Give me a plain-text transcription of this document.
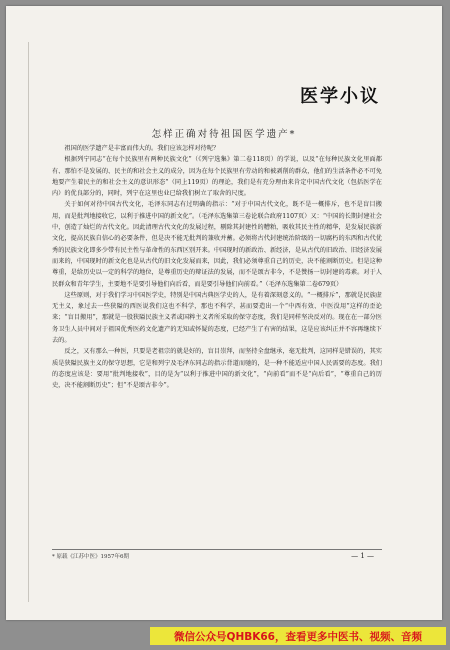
医学小议
怎样正确对待祖国医学遗产*

祖国的医学遗产是丰富而伟大的。我们应该怎样对待呢？

根据列宁同志“在每个民族里有两种民族文化”（《列宁选集》第二卷118页）的学说，以及“在每种民族文化里面都有、那怕不是发展的、民主的和社会主义的成分，因为在每个民族里有劳动的和被剥削的群众，他们的生活条件必不可免地要产生着民主的和社会主义的意识形态”（同上119页）的理论，我们是有充分理由来肯定中国古代文化（包括医学在内）的优良部分的，同时，列宁在这里也业已给我们树立了取舍的尺度。

关于如何对待中国古代文化，毛泽东同志有过明确的指示：“对于中国古代文化，既不是一概排斥，也不是盲目搬用，而是批判地接收它，以利于推进中国的新文化”。（毛泽东选集第三卷论联合政府1107页）又：“中国的长期封建社会中，创造了灿烂的古代文化。因此清理古代文化的发展过程，剔除其封建性的糟粕，吸收其民主性的精华，是发展民族新文化，提高民族自信心的必要条件，但是决不能无批判的兼收并蓄。必须将古代封建统治阶级的一切腐朽的东西和古代优秀的民族文化即多少带有民主性与革命性的东西区别开来。中国现时的新政治、新经济，是从古代的旧政治、旧经济发展而来的，中国现时的新文化也是从古代的旧文化发展而来，因此，我们必须尊重自己的历史，决不能割断历史。但是这种尊重，是给历史以一定的科学的地位，是尊重历史的辩证法的发展，而不是颂古非今，不是赞扬一切封建的毒素。对于人民群众和青年学生，主要地不是要引导他们向后看，而是要引导他们向前看。”（毛泽东选集第二卷679页）

这些原则，对于我们学习中国医学史，特别是中国古典医学史的人，是有着深刻意义的。“一概排斥”，那就是民族虚无主义，象过去一些狭隘的西医说我们这也不科学，那也不科学，甚而要造出一个“中西有效、中医没用”这样的歪论来；“盲目搬用”，那就是一股狭隘民族主义者或国粹主义者所采取的保守态度，我们是同样坚决反对的。现在在一部分医务卫生人员中间对于祖国优秀医药文化遗产的无知或怀疑的态度，已经产生了有害的结果，这是应该纠正并不容再继续下去的。

反之，又有那么一种医，只要是老祖宗的就是好的，盲目崇拜，而坚持全盘继承，毫无批判，这同样是错误的，其实质是狭隘民族主义的保守思想，它是和列宁及毛泽东同志的指示背道而驰的，是一种不能适应中国人民需要的态度。我们的态度应该是：要用“批判地接收”，目的是为“以利于推进中国的新文化”，“向前看”而不是“向后看”，“尊重自己的历史，决不能割断历史”；但“不是颂古非今”。

* 原载《江苏中医》1957年6期	— 1 —
微信公众号QHBK66，查看更多中医书、视频、音频
